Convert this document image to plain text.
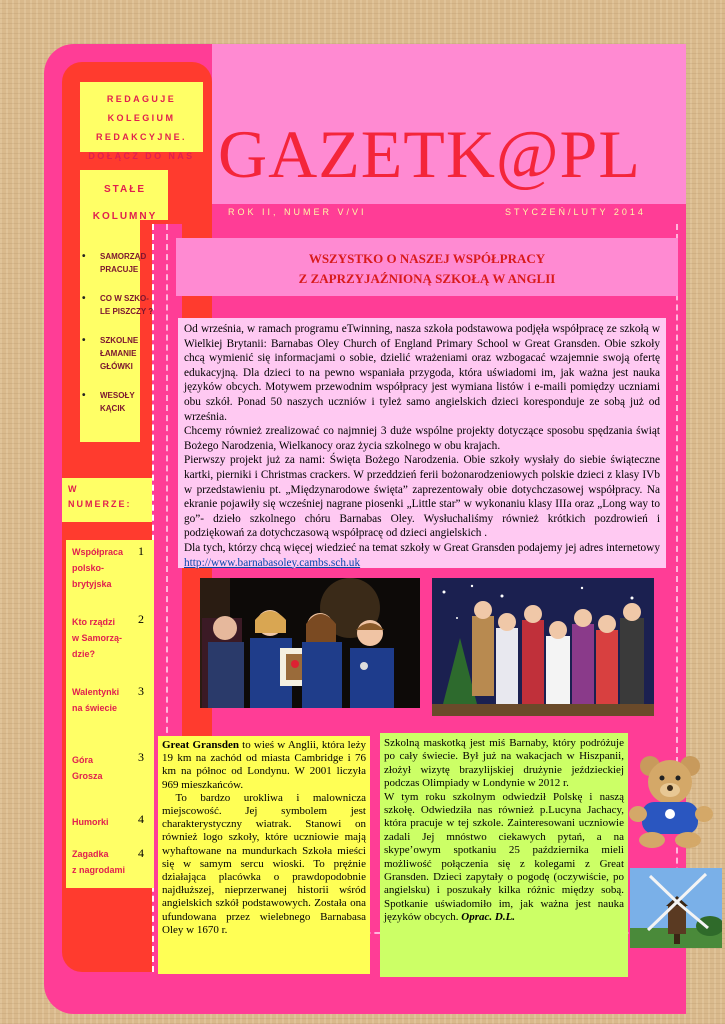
GAZETK@PL
ROK II, NUMER V/VI	STYCZEŃ/LUTY 2014
REDAGUJE KOLEGIUM
REDAKCYJNE.
DOŁĄCZ DO NAS
STAŁE
KOLUMNY
• SAMORZĄD
PRACUJE
• CO W SZKO-
LE PISZCZY ?
• SZKOLNE
ŁAMANIE
GŁÓWKI
• WESOŁY
KĄCIK
W
NUMERZE:
Współpraca
polsko-
brytyjska
1
Kto rządzi
w Samorzą-
dzie?
2
Walentynki
na świecie
3
Góra
Grosza
3
Humorki	4
Zagadka
z nagrodami
4
WSZYSTKO O NASZEJ WSPÓŁPRACY
Z ZAPRZYJAŹNIONĄ SZKOŁĄ W ANGLII
Od września, w ramach programu eTwinning, nasza szkoła podstawowa podjęła współpracę ze szkołą w Wielkiej Brytanii: Barnabas Oley Church of England Primary School w Great Gransden. Obie szkoły chcą wymienić się informacjami o sobie, dzielić wrażeniami oraz wzbogacać wzajemnie swoją ofertę edukacyjną. Dla dzieci to na pewno wspaniała przygoda, która uświadomi im, jak ważna jest nauka języków obcych. Motywem przewodnim współpracy jest wymiana listów i e-maili pomiędzy uczniami obu szkół. Ponad 50 naszych uczniów i tyleż samo angielskich dzieci koresponduje ze sobą już od września.
Chcemy również zrealizować co najmniej 3 duże wspólne projekty dotyczące sposobu spędzania świąt Bożego Narodzenia, Wielkanocy oraz życia szkolnego w obu krajach.
Pierwszy projekt już za nami: Święta Bożego Narodzenia. Obie szkoły wysłały do siebie świąteczne kartki, pierniki i Christmas crackers. W przeddzień ferii bożonarodzeniowych polskie dzieci z klasy IVb w przedstawieniu pt. „Międzynarodowe święta” zaprezentowały obie dotychczasowej współpracy. Na ekranie pojawiły się wcześniej nagrane piosenki „Little star” w wykonaniu klasy IIIa oraz „Long way to go”- dzieło szkolnego chóru Barnabas Oley. Wysłuchaliśmy również krótkich pozdrowień i podziękowań za dotychczasową współpracę od dzieci angielskich .
Dla tych, którzy chcą więcej wiedzieć na temat szkoły w Great Gransden podajemy jej adres internetowy http://www.barnabasoley.cambs.sch.uk
Great Gransden to wieś w Anglii, która leży 19 km na zachód od miasta Cambridge i 76 km na północ od Londynu. W 2001 liczyła 969 mieszkańców.
To bardzo urokliwa i malownicza miejscowość. Jej symbolem jest charakterystyczny wiatrak. Stanowi on również logo szkoły, które uczniowie mają wyhaftowane na mundurkach Szkoła mieści się w samym sercu wioski. To prężnie działająca placówka o prawdopodobnie najdłuższej, nieprzerwanej historii wśród angielskich szkół podstawowych. Została ona ufundowana przez wielebnego Barnabasa Oley w 1670 r.
Szkolną maskotką jest miś Barnaby, który podróżuje po cały świecie. Był już na wakacjach w Hiszpanii, złożył wizytę brazylijskiej drużynie jeździeckiej podczas Olimpiady w Londynie w 2012 r.
W tym roku szkolnym odwiedził Polskę i naszą szkołę. Odwiedziła nas również p.Lucyna Jachacy, która pracuje w tej szkole. Zainteresowani uczniowie zadali Jej mnóstwo ciekawych pytań, a na skype’owym spotkaniu 25 października mieli możliwość połączenia się z kolegami z Great Gransden. Dzieci zapytały o pogodę (oczywiście, po angielsku) i poszukały kilka różnic między sobą. Spotkanie uświadomiło im, jak ważna jest nauka języków obcych. Oprac. D.L.
